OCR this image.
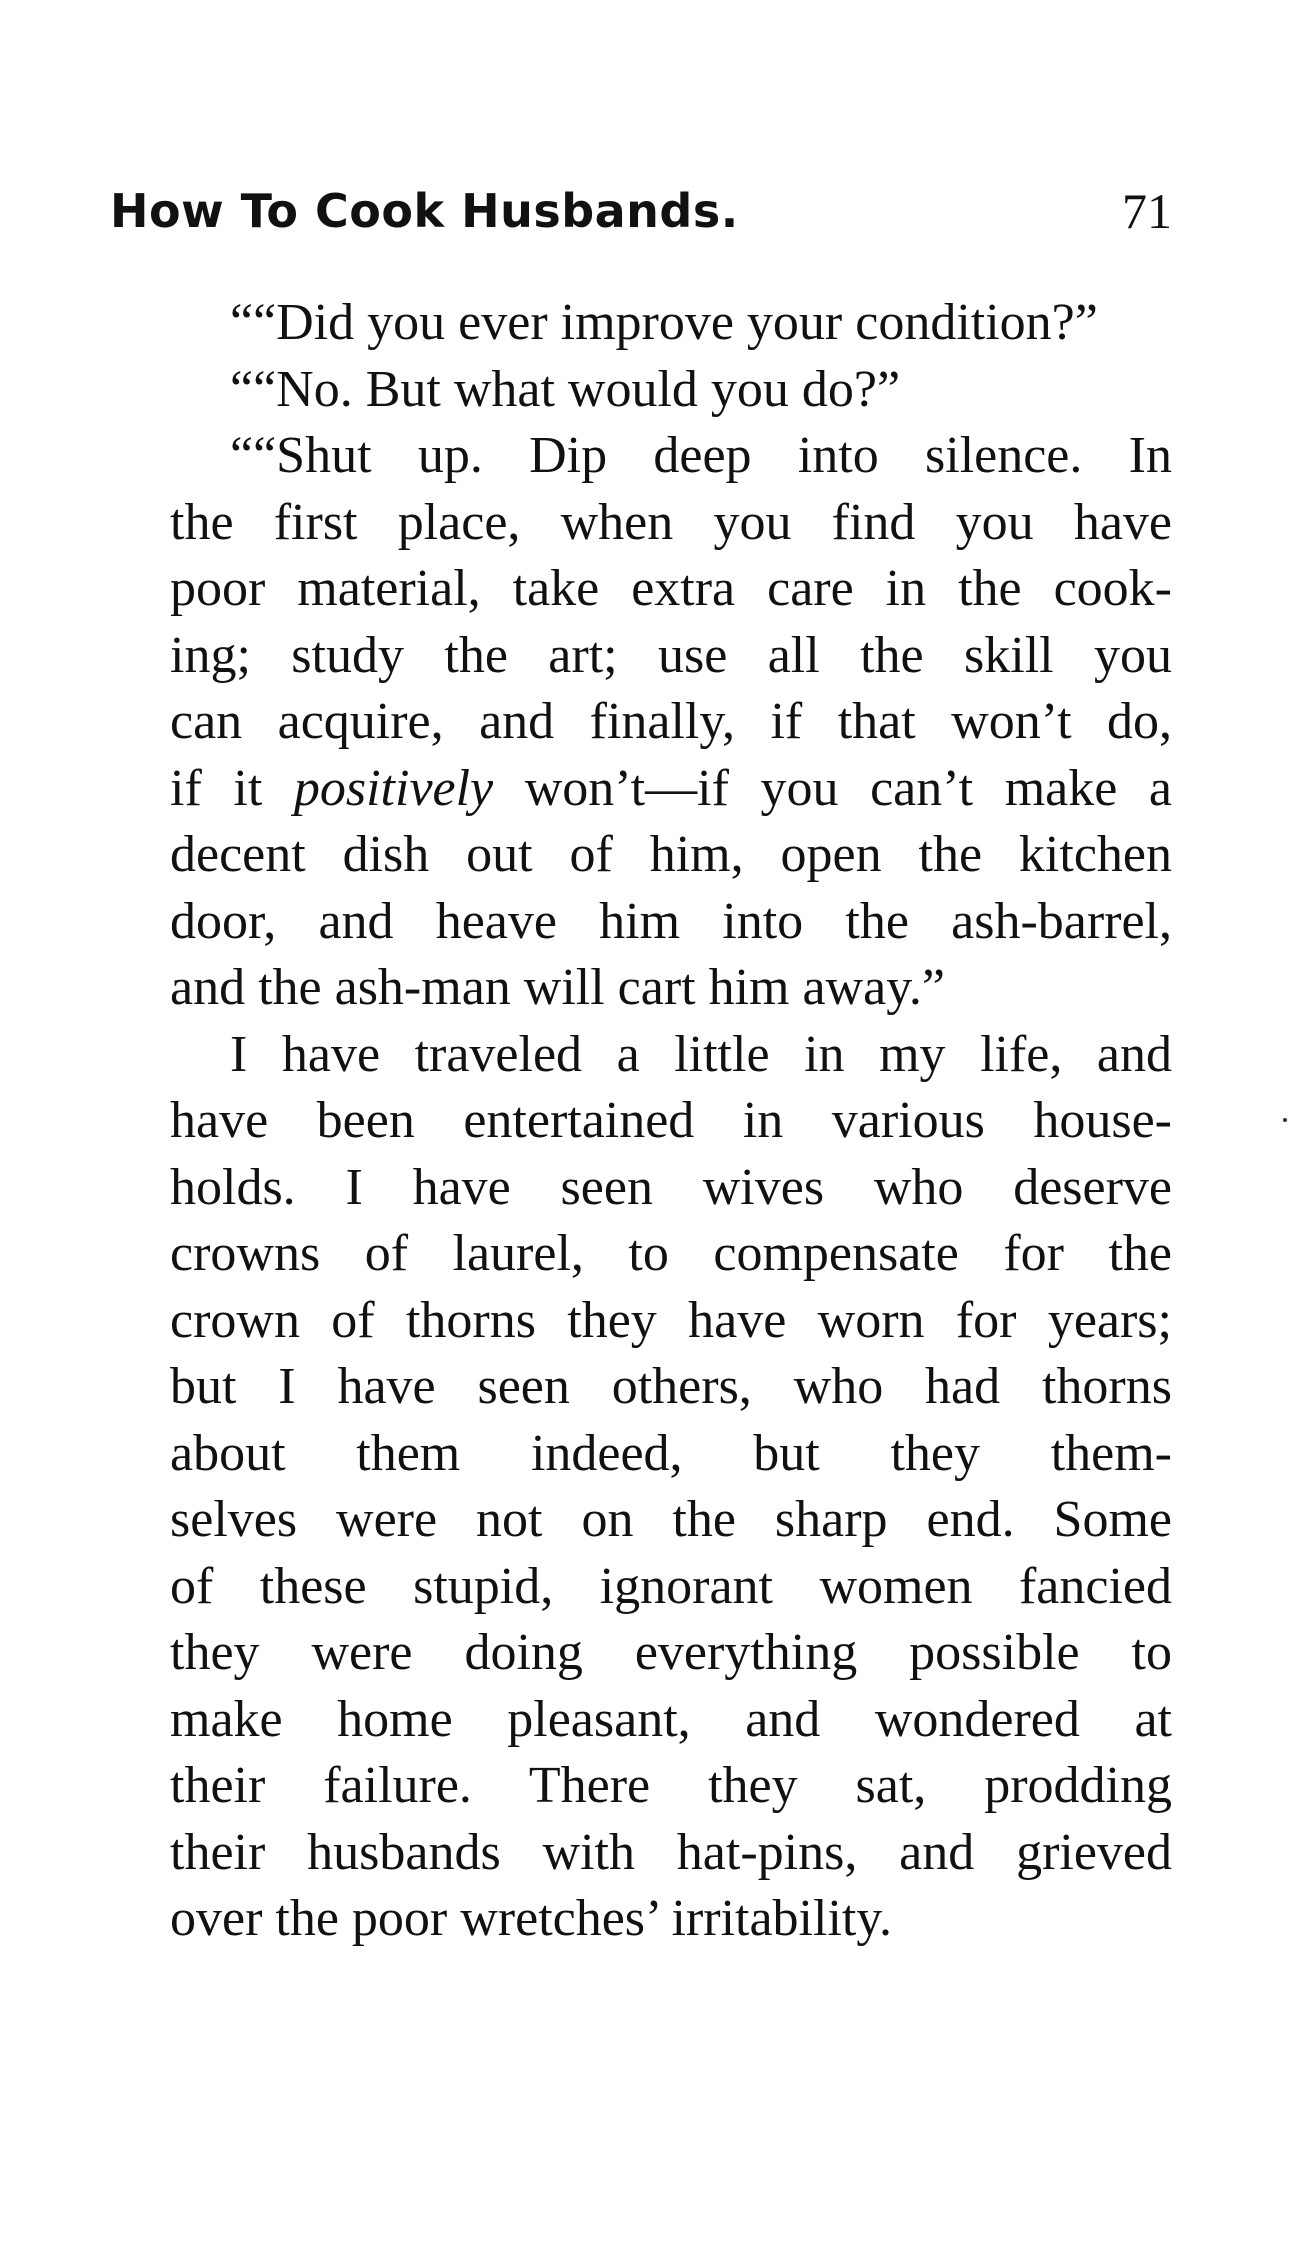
How To Cook Husbands.	71
““Did you ever improve your condition?”
““No. But what would you do?”
““Shut up. Dip deep into silence. In
the first place, when you find you have
poor material, take extra care in the cook-
ing; study the art; use all the skill you
can acquire, and finally, if that won’t do,
if it positively won’t—if you can’t make a
decent dish out of him, open the kitchen
door, and heave him into the ash-barrel,
and the ash-man will cart him away.”
I have traveled a little in my life, and
have been entertained in various house-
holds. I have seen wives who deserve
crowns of laurel, to compensate for the
crown of thorns they have worn for years;
but I have seen others, who had thorns
about them indeed, but they them-
selves were not on the sharp end. Some
of these stupid, ignorant women fancied
they were doing everything possible to
make home pleasant, and wondered at
their failure. There they sat, prodding
their husbands with hat-pins, and grieved
over the poor wretches’ irritability.
